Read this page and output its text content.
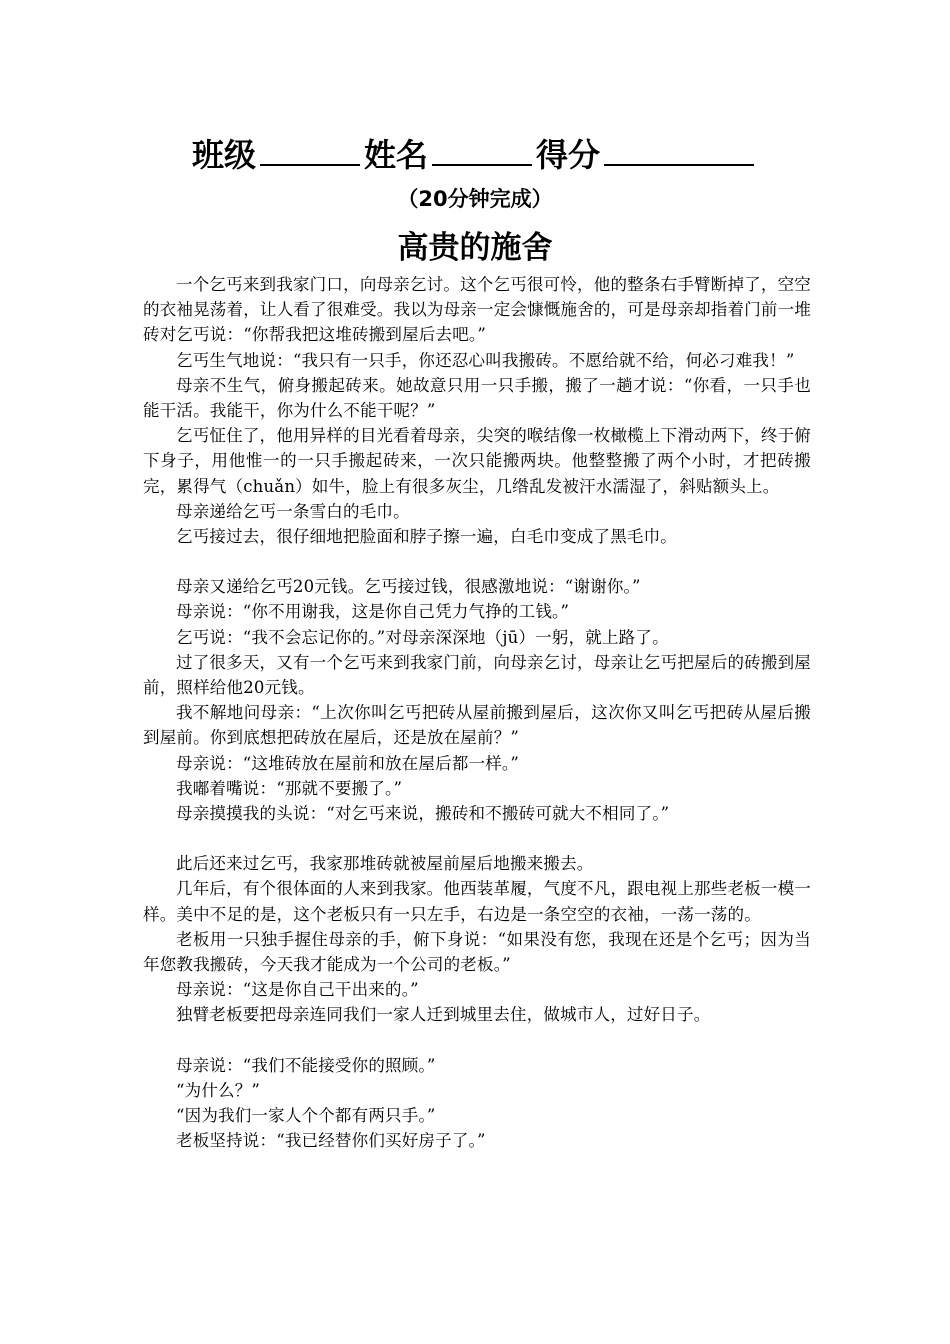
班级	姓名	得分
（20分钟完成）
高贵的施舍

一个乞丐来到我家门口，向母亲乞讨。这个乞丐很可怜，他的整条右手臂断掉了，空空的衣袖晃荡着，让人看了很难受。我以为母亲一定会慷慨施舍的，可是母亲却指着门前一堆砖对乞丐说：“你帮我把这堆砖搬到屋后去吧。”

乞丐生气地说：“我只有一只手，你还忍心叫我搬砖。不愿给就不给，何必刁难我！”

母亲不生气，俯身搬起砖来。她故意只用一只手搬，搬了一趟才说：“你看，一只手也能干活。我能干，你为什么不能干呢？”

乞丐怔住了，他用异样的目光看着母亲，尖突的喉结像一枚橄榄上下滑动两下，终于俯下身子，用他惟一的一只手搬起砖来，一次只能搬两块。他整整搬了两个小时，才把砖搬完，累得气（chuǎn）如牛，脸上有很多灰尘，几绺乱发被汗水濡湿了，斜贴额头上。

母亲递给乞丐一条雪白的毛巾。

乞丐接过去，很仔细地把脸面和脖子擦一遍，白毛巾变成了黑毛巾。

母亲又递给乞丐20元钱。乞丐接过钱，很感激地说：“谢谢你。”

母亲说：“你不用谢我，这是你自己凭力气挣的工钱。”

乞丐说：“我不会忘记你的。”对母亲深深地（jū）一躬，就上路了。

过了很多天，又有一个乞丐来到我家门前，向母亲乞讨，母亲让乞丐把屋后的砖搬到屋前，照样给他20元钱。

我不解地问母亲：“上次你叫乞丐把砖从屋前搬到屋后，这次你又叫乞丐把砖从屋后搬到屋前。你到底想把砖放在屋后，还是放在屋前？”

母亲说：“这堆砖放在屋前和放在屋后都一样。”

我嘟着嘴说：“那就不要搬了。”

母亲摸摸我的头说：“对乞丐来说，搬砖和不搬砖可就大不相同了。”

此后还来过乞丐，我家那堆砖就被屋前屋后地搬来搬去。

几年后，有个很体面的人来到我家。他西装革履，气度不凡，跟电视上那些老板一模一样。美中不足的是，这个老板只有一只左手，右边是一条空空的衣袖，一荡一荡的。

老板用一只独手握住母亲的手，俯下身说：“如果没有您，我现在还是个乞丐；因为当年您教我搬砖，今天我才能成为一个公司的老板。”

母亲说：“这是你自己干出来的。”

独臂老板要把母亲连同我们一家人迁到城里去住，做城市人，过好日子。

母亲说：“我们不能接受你的照顾。”

“为什么？”

“因为我们一家人个个都有两只手。”

老板坚持说：“我已经替你们买好房子了。”
